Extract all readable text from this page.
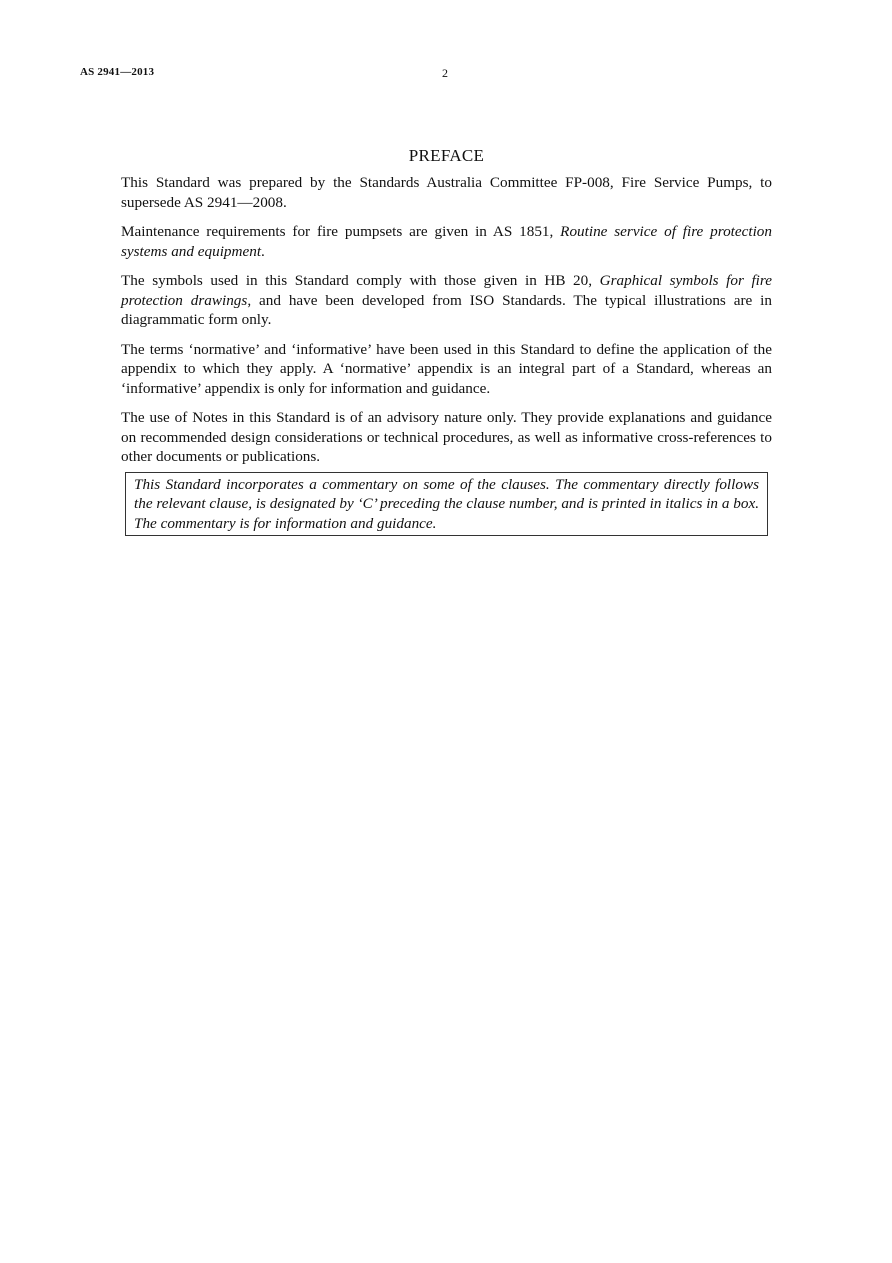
AS 2941—2013	2
PREFACE

This Standard was prepared by the Standards Australia Committee FP-008, Fire Service Pumps, to supersede AS 2941—2008.

Maintenance requirements for fire pumpsets are given in AS 1851, Routine service of fire protection systems and equipment.

The symbols used in this Standard comply with those given in HB 20, Graphical symbols for fire protection drawings, and have been developed from ISO Standards. The typical illustrations are in diagrammatic form only.

The terms ‘normative’ and ‘informative’ have been used in this Standard to define the application of the appendix to which they apply. A ‘normative’ appendix is an integral part of a Standard, whereas an ‘informative’ appendix is only for information and guidance.

The use of Notes in this Standard is of an advisory nature only. They provide explanations and guidance on recommended design considerations or technical procedures, as well as informative cross-references to other documents or publications.

This Standard incorporates a commentary on some of the clauses. The commentary directly follows the relevant clause, is designated by ‘C’ preceding the clause number, and is printed in italics in a box. The commentary is for information and guidance.
